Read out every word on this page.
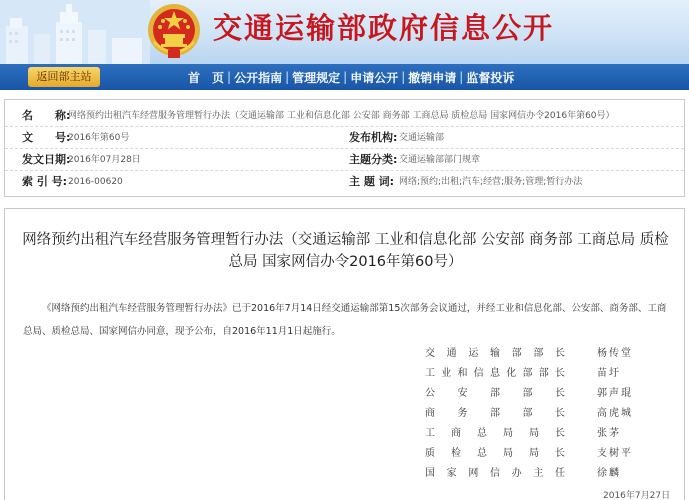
交通运输部政府信息公开
返回部主站	首　页 | 公开指南 | 管理规定 | 申请公开 | 撤销申请 | 监督投诉
名　　称:
网络预约出租汽车经营服务管理暂行办法（交通运输部 工业和信息化部 公安部 商务部 工商总局 质检总局 国家网信办令2016年第60号）
文　　号:
2016年第60号	发布机构: 交通运输部
发文日期:
2016年07月28日	主题分类: 交通运输部部门规章
索 引 号: 2016-00620	主 题 词: 网络;预约;出租;汽车;经营;服务;管理;暂行办法
网络预约出租汽车经营服务管理暂行办法（交通运输部 工业和信息化部 公安部 商务部 工商总局 质检总局 国家网信办令2016年第60号）

《网络预约出租汽车经营服务管理暂行办法》已于2016年7月14日经交通运输部第15次部务会议通过，并经工业和信息化部、公安部、商务部、工商总局、质检总局、国家网信办同意，现予公布，自2016年11月1日起施行。

交通运输部部长	杨传堂
工业和信息化部部长	苗圩
公安部部长	郭声琨
商务部部长	高虎城
工商总局局长	张茅
质检总局局长	支树平
国家网信办主任	徐麟
2016年7月27日
